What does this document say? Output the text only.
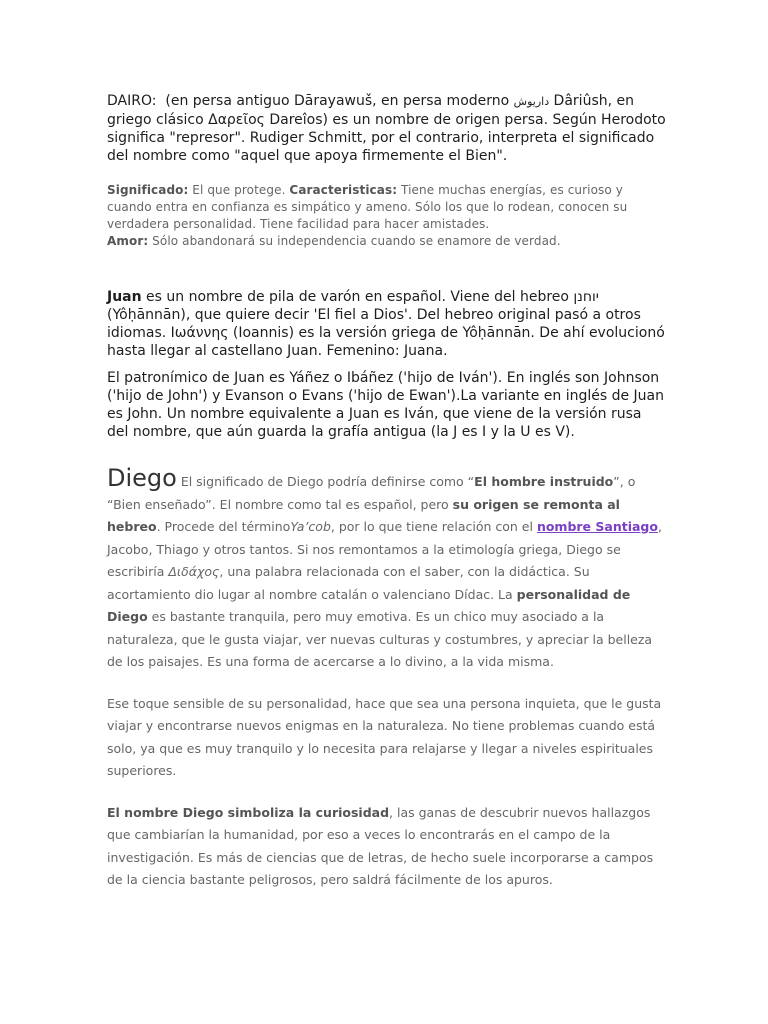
DAIRO: (en persa antiguo Dārayawuš, en persa moderno داریوش Dâriûsh, en griego clásico Δαρεῖος Dareîos) es un nombre de origen persa. Según Herodoto significa "represor". Rudiger Schmitt, por el contrario, interpreta el significado del nombre como "aquel que apoya firmemente el Bien".

Significado: El que protege. Caracteristicas: Tiene muchas energías, es curioso y cuando entra en confianza es simpático y ameno. Sólo los que lo rodean, conocen su verdadera personalidad. Tiene facilidad para hacer amistades.
Amor: Sólo abandonará su independencia cuando se enamore de verdad.

Juan es un nombre de pila de varón en español. Viene del hebreo יוחנן (Yôḥānnān), que quiere decir 'El fiel a Dios'. Del hebreo original pasó a otros idiomas. Ιωάννης (Ioannis) es la versión griega de Yôḥānnān. De ahí evolucionó hasta llegar al castellano Juan. Femenino: Juana.

El patronímico de Juan es Yáñez o Ibáñez ('hijo de Iván'). En inglés son Johnson ('hijo de John') y Evanson o Evans ('hijo de Ewan').La variante en inglés de Juan es John. Un nombre equivalente a Juan es Iván, que viene de la versión rusa del nombre, que aún guarda la grafía antigua (la J es I y la U es V).

Diego El significado de Diego podría definirse como “El hombre instruido”, o “Bien enseñado”. El nombre como tal es español, pero su origen se remonta al hebreo. Procede del términoYa’cob, por lo que tiene relación con el nombre Santiago, Jacobo, Thiago y otros tantos. Si nos remontamos a la etimología griega, Diego se escribiría Διδάχος, una palabra relacionada con el saber, con la didáctica. Su acortamiento dio lugar al nombre catalán o valenciano Dídac. La personalidad de Diego es bastante tranquila, pero muy emotiva. Es un chico muy asociado a la naturaleza, que le gusta viajar, ver nuevas culturas y costumbres, y apreciar la belleza de los paisajes. Es una forma de acercarse a lo divino, a la vida misma.

Ese toque sensible de su personalidad, hace que sea una persona inquieta, que le gusta viajar y encontrarse nuevos enigmas en la naturaleza. No tiene problemas cuando está solo, ya que es muy tranquilo y lo necesita para relajarse y llegar a niveles espirituales superiores.

El nombre Diego simboliza la curiosidad, las ganas de descubrir nuevos hallazgos que cambiarían la humanidad, por eso a veces lo encontrarás en el campo de la investigación. Es más de ciencias que de letras, de hecho suele incorporarse a campos de la ciencia bastante peligrosos, pero saldrá fácilmente de los apuros.
